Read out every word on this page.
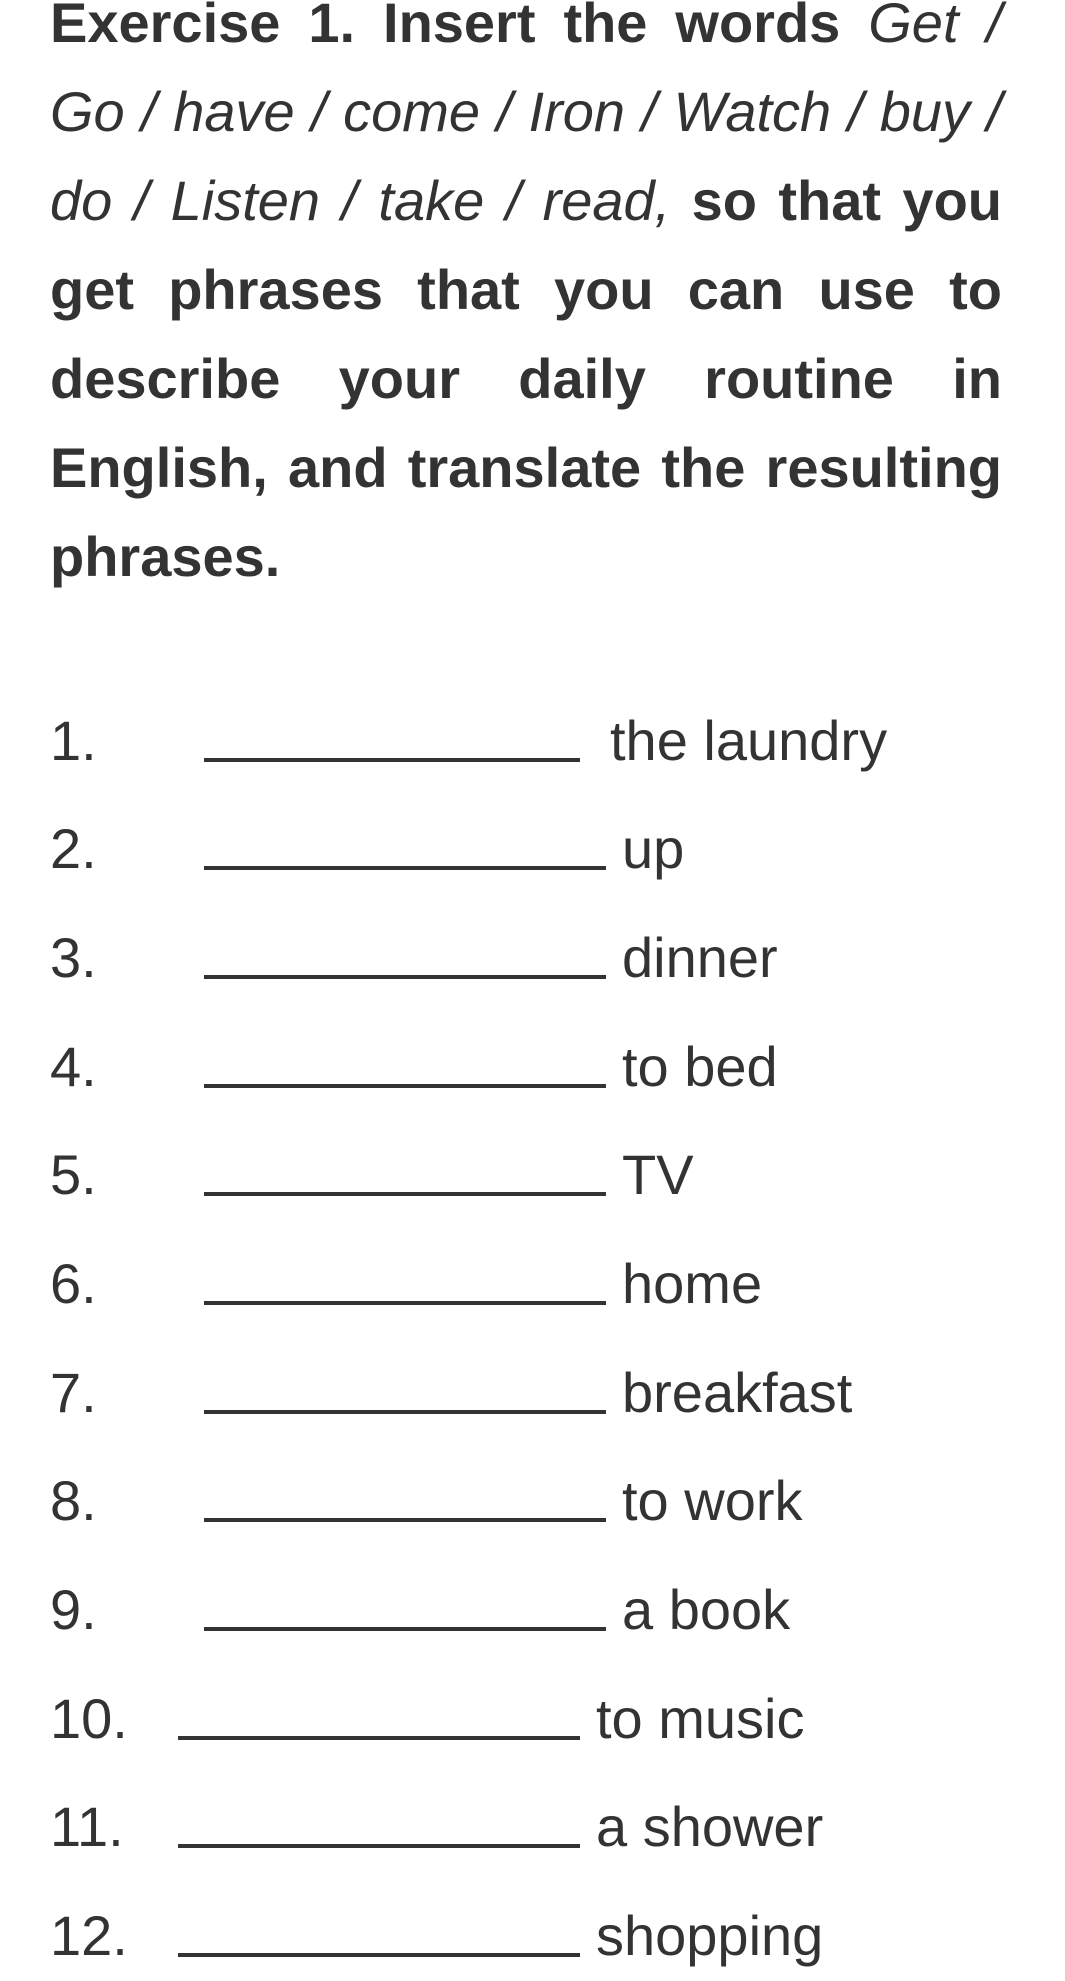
Exercise 1. Insert the words Get / Go / have / come / Iron / Watch / buy / do / Listen / take / read, so that you get phrases that you can use to describe your daily routine in English, and translate the resulting phrases.

1.	the laundry
2.	up
3.	dinner
4.	to bed
5.	TV
6.	home
7.	breakfast
8.	to work
9.	a book
10.	to music
11.	a shower
12.	shopping
